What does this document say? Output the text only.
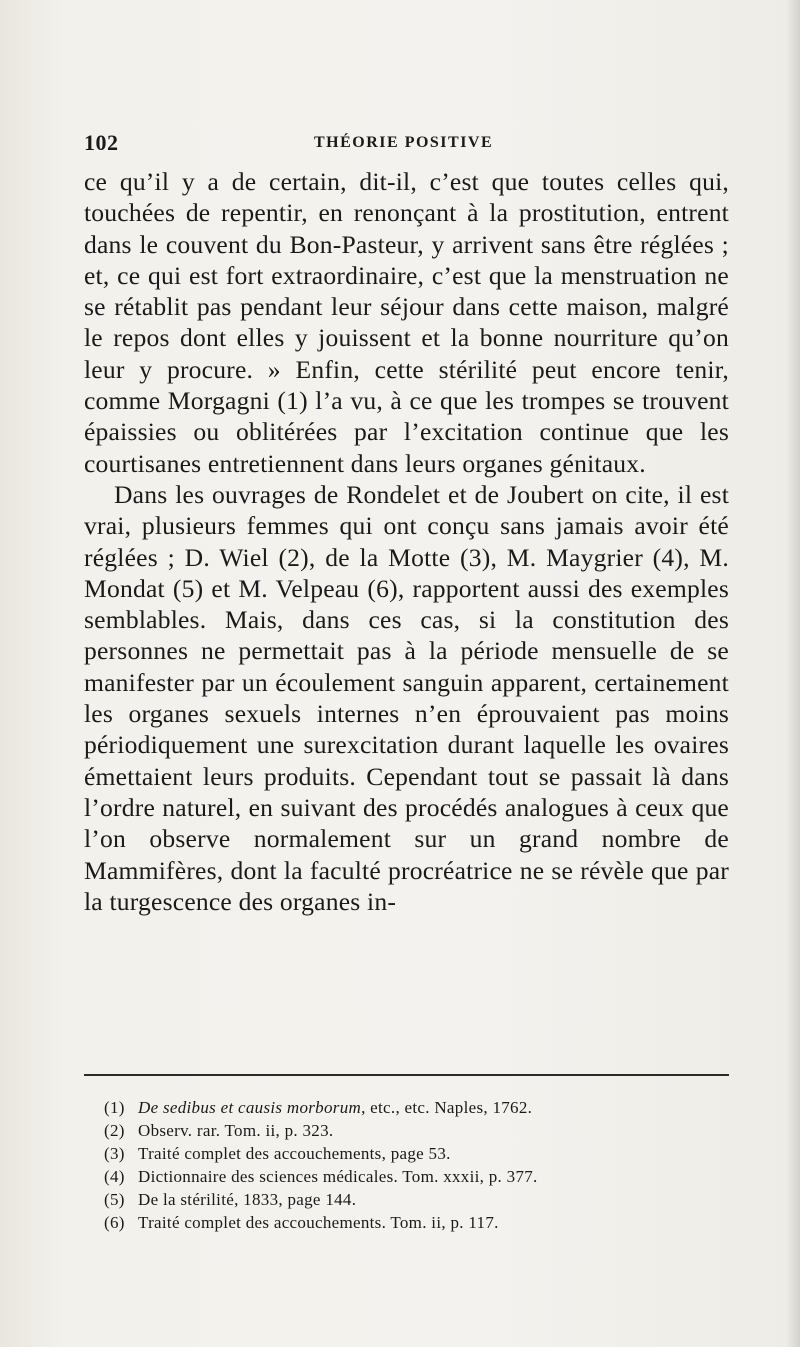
102	THÉORIE POSITIVE

ce qu’il y a de certain, dit-il, c’est que toutes celles qui, touchées de repentir, en renonçant à la prostitution, entrent dans le couvent du Bon-Pasteur, y arrivent sans être réglées ; et, ce qui est fort extraordinaire, c’est que la menstruation ne se rétablit pas pendant leur séjour dans cette maison, malgré le repos dont elles y jouissent et la bonne nourriture qu’on leur y procure. » Enfin, cette stérilité peut encore tenir, comme Morgagni (1) l’a vu, à ce que les trompes se trouvent épaissies ou oblitérées par l’excitation continue que les courtisanes entretiennent dans leurs organes génitaux.

Dans les ouvrages de Rondelet et de Joubert on cite, il est vrai, plusieurs femmes qui ont conçu sans jamais avoir été réglées ; D. Wiel (2), de la Motte (3), M. Maygrier (4), M. Mondat (5) et M. Velpeau (6), rapportent aussi des exemples semblables. Mais, dans ces cas, si la constitution des personnes ne permettait pas à la période mensuelle de se manifester par un écoulement sanguin apparent, certainement les organes sexuels internes n’en éprouvaient pas moins périodiquement une surexcitation durant laquelle les ovaires émettaient leurs produits. Cependant tout se passait là dans l’ordre naturel, en suivant des procédés analogues à ceux que l’on observe normalement sur un grand nombre de Mammifères, dont la faculté procréatrice ne se révèle que par la turgescence des organes in-

(1) De sedibus et causis morborum, etc., etc. Naples, 1762.
(2) Observ. rar. Tom. ii, p. 323.
(3) Traité complet des accouchements, page 53.
(4) Dictionnaire des sciences médicales. Tom. xxxii, p. 377.
(5) De la stérilité, 1833, page 144.
(6) Traité complet des accouchements. Tom. ii, p. 117.
